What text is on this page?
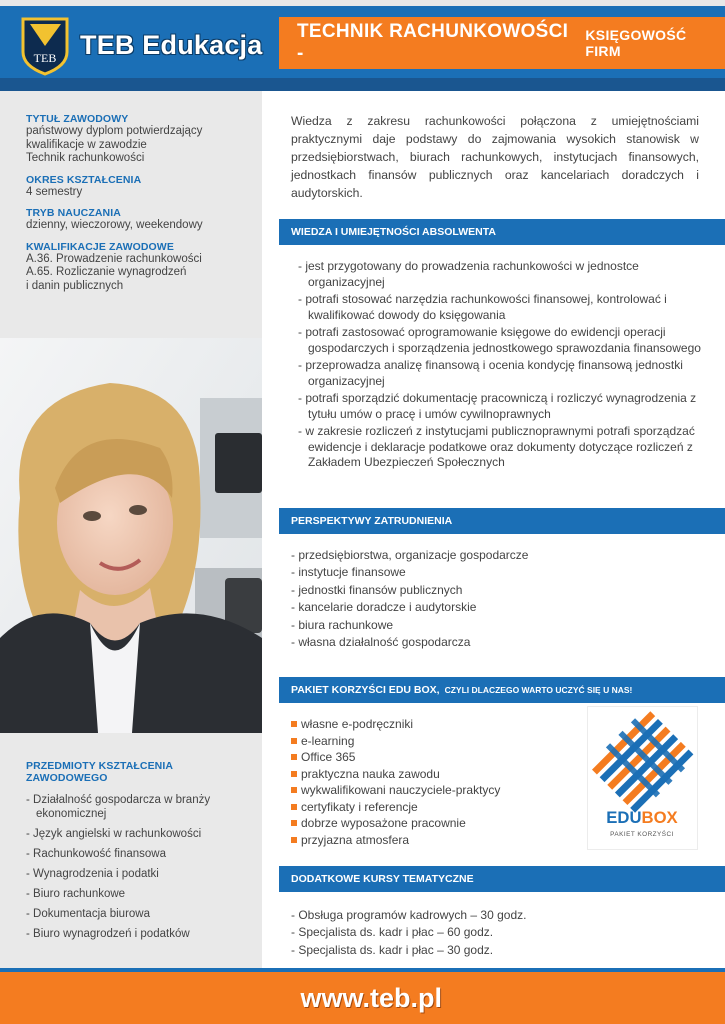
TEB TEB Edukacja TECHNIK RACHUNKOWOŚCI -
KSIĘGOWOŚĆ FIRM
TYTUŁ ZAWODOWY
państwowy dyplom potwierdzający
kwalifikacje w zawodzie
Technik rachunkowości
OKRES KSZTAŁCENIA
4 semestry
TRYB NAUCZANIA
dzienny, wieczorowy, weekendowy
KWALIFIKACJE ZAWODOWE
A.36. Prowadzenie rachunkowości
A.65. Rozliczanie wynagrodzeń
i danin publicznych
PRZEDMIOTY KSZTAŁCENIA
ZAWODOWEGO
- Działalność gospodarcza w branży ekonomicznej
- Język angielski w rachunkowości
- Rachunkowość finansowa
- Wynagrodzenia i podatki
- Biuro rachunkowe
- Dokumentacja biurowa
- Biuro wynagrodzeń i podatków
Wiedza z zakresu rachunkowości połączona z umiejętnościami praktycznymi daje podstawy do zajmowania wysokich stanowisk w przedsiębiorstwach, biurach rachunkowych, instytucjach finansowych, jednostkach finansów publicznych oraz kancelariach doradczych i audytorskich.
WIEDZA I UMIEJĘTNOŚCI ABSOLWENTA
- jest przygotowany do prowadzenia rachunkowości w jednostce organizacyjnej
- potrafi stosować narzędzia rachunkowości finansowej, kontrolować i kwalifikować dowody do księgowania
- potrafi zastosować oprogramowanie księgowe do ewidencji operacji gospodarczych i sporządzenia jednostkowego sprawozdania finansowego
- przeprowadza analizę finansową i ocenia kondycję finansową jednostki organizacyjnej
- potrafi sporządzić dokumentację pracowniczą i rozliczyć wynagrodzenia z tytułu umów o pracę i umów cywilnoprawnych
- w zakresie rozliczeń z instytucjami publicznoprawnymi potrafi sporządzać ewidencje i deklaracje podatkowe oraz dokumenty dotyczące rozliczeń z Zakładem Ubezpieczeń Społecznych
PERSPEKTYWY ZATRUDNIENIA
- przedsiębiorstwa, organizacje gospodarcze
- instytucje finansowe
- jednostki finansów publicznych
- kancelarie doradcze i audytorskie
- biura rachunkowe
- własna działalność gospodarcza
PAKIET KORZYŚCI EDU BOX, CZYLI DLACZEGO WARTO UCZYĆ SIĘ U NAS!
własne e-podręczniki
e-learning
Office 365
praktyczna nauka zawodu
wykwalifikowani nauczyciele-praktycy
certyfikaty i referencje
dobrze wyposażone pracownie
przyjazna atmosfera
EDUBOX
PAKIET KORZYŚCI
DODATKOWE KURSY TEMATYCZNE
- Obsługa programów kadrowych – 30 godz.
- Specjalista ds. kadr i płac – 60 godz.
- Specjalista ds. kadr i płac – 30 godz.
www.teb.pl
